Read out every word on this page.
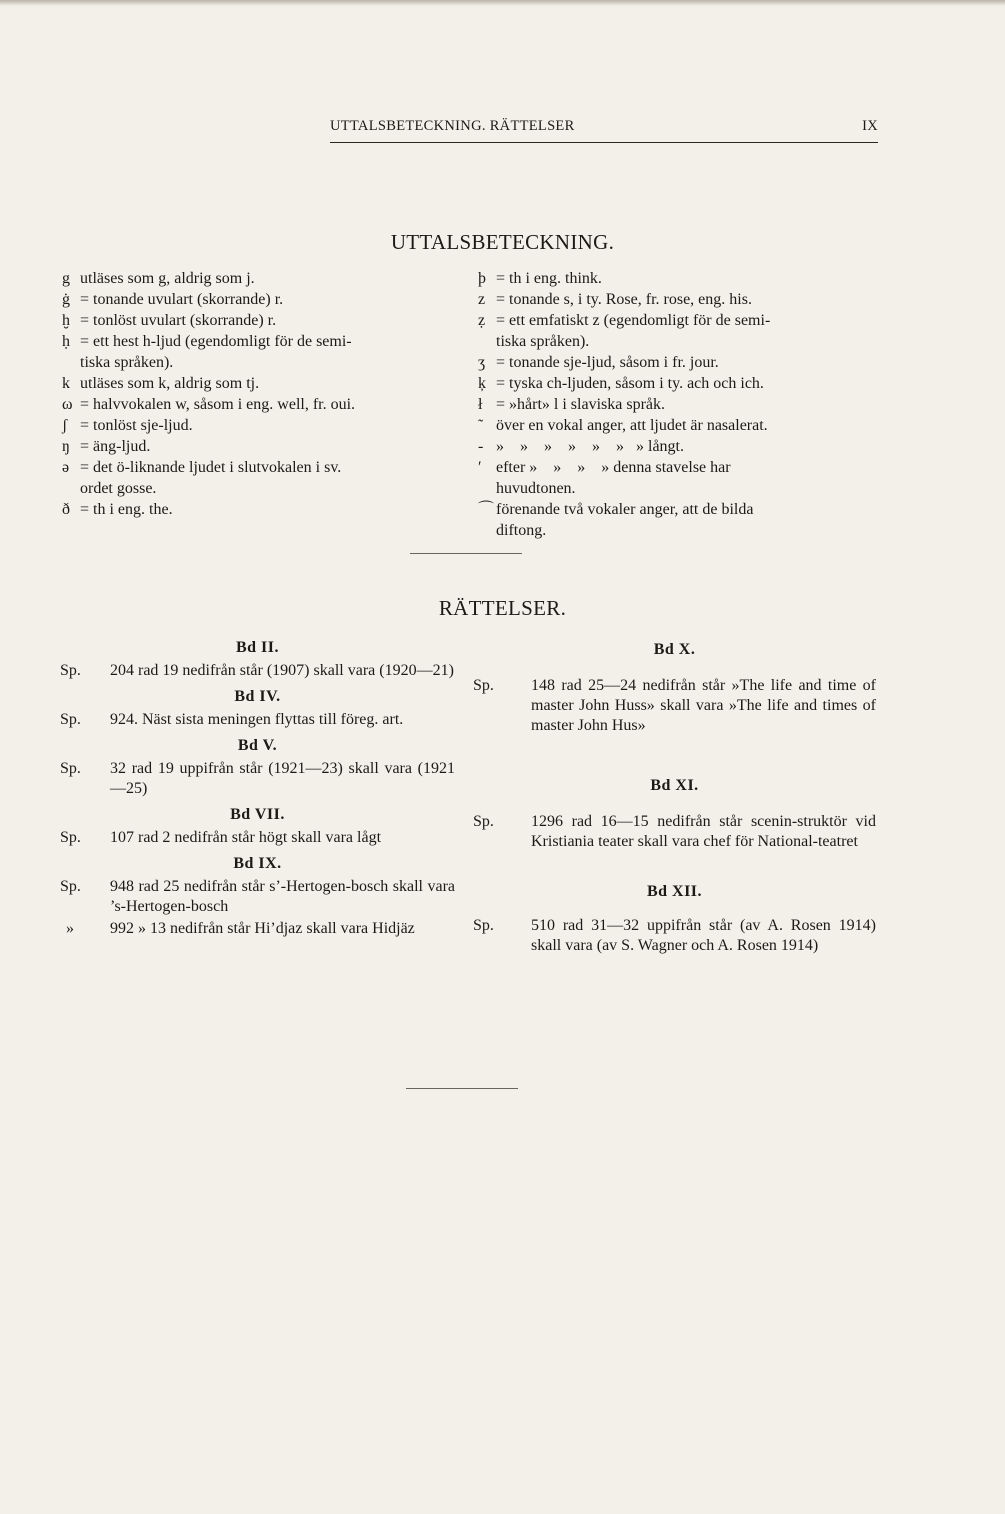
UTTALSBETECKNING. RÄTTELSER	IX
UTTALSBETECKNING.
g utläses som g, aldrig som j.
ġ = tonande uvulart (skorrande) r.
ḫ = tonlöst uvulart (skorrande) r.
ḥ = ett hest h-ljud (egendomligt för de semi-
tiska språken).
k utläses som k, aldrig som tj.
ω = halvvokalen w, såsom i eng. well, fr. oui.
ʃ = tonlöst sje-ljud.
ŋ = äng-ljud.
ə = det ö-liknande ljudet i slutvokalen i sv.
ordet gosse.
ð = th i eng. the.
þ = th i eng. think.
z = tonande s, i ty. Rose, fr. rose, eng. his.
ẓ = ett emfatiskt z (egendomligt för de semi-
tiska språken).
ʒ = tonande sje-ljud, såsom i fr. jour.
ķ = tyska ch-ljuden, såsom i ty. ach och ich.
ł = »hårt» l i slaviska språk.
˜ över en vokal anger, att ljudet är nasalerat.
- »    »    »    »    »    »   » långt.
′ efter »    »    »    » denna stavelse har
huvudtonen.
⌒ förenande två vokaler anger, att de bilda
diftong.
RÄTTELSER.
Bd II.
Sp.	204 rad 19 nedifrån står (1907) skall vara (1920—21)
Bd IV.
Sp.	924. Näst sista meningen flyttas till föreg. art.
Bd V.
Sp.	32 rad 19 uppifrån står (1921—23) skall vara (1921—25)
Bd VII.
Sp.	107 rad 2 nedifrån står högt skall vara lågt
Bd IX.
Sp.	948 rad 25 nedifrån står s’-Hertogen-bosch skall vara ’s-Hertogen-bosch
»	992 » 13 nedifrån står Hi’djaz skall vara Hidjäz
Bd X.
Sp.	148 rad 25—24 nedifrån står »The life and time of master John Huss» skall vara »The life and times of master John Hus»
Bd XI.
Sp.	1296 rad 16—15 nedifrån står scenin-struktör vid Kristiania teater skall vara chef för National-teatret
Bd XII.
Sp.	510 rad 31—32 uppifrån står (av A. Rosen 1914) skall vara (av S. Wagner och A. Rosen 1914)
